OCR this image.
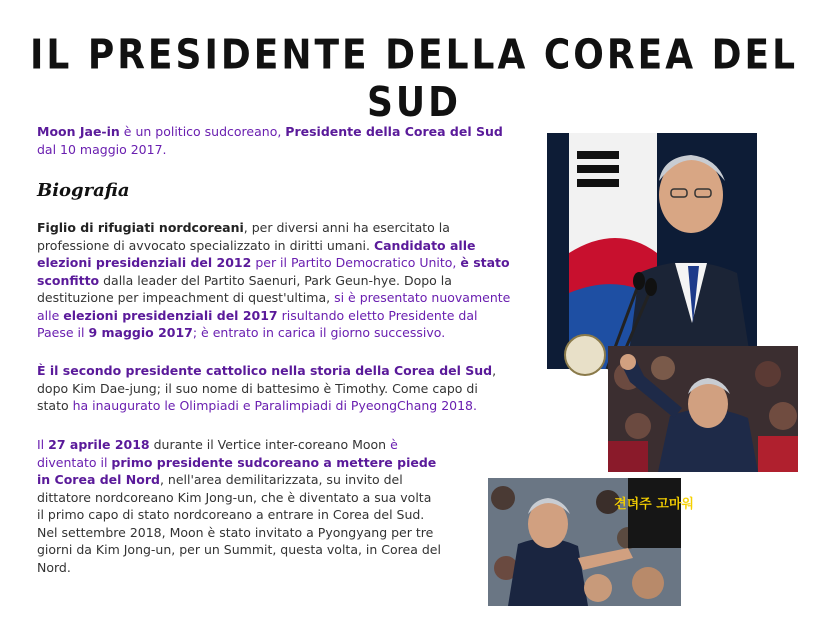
IL PRESIDENTE DELLA COREA DEL SUD

Moon Jae-in è un politico sudcoreano, Presidente della Corea del Sud dal 10 maggio 2017.

Biografia

Figlio di rifugiati nordcoreani, per diversi anni ha esercitato la professione di avvocato specializzato in diritti umani. Candidato alle elezioni presidenziali del 2012 per il Partito Democratico Unito, è stato sconfitto dalla leader del Partito Saenuri, Park Geun-hye. Dopo la destituzione per impeachment di quest'ultima, si è presentato nuovamente alle elezioni presidenziali del 2017 risultando eletto Presidente dal Paese il 9 maggio 2017; è entrato in carica il giorno successivo.

È il secondo presidente cattolico nella storia della Corea del Sud, dopo Kim Dae-jung; il suo nome di battesimo è Timothy. Come capo di stato ha inaugurato le Olimpiadi e Paralimpiadi di PyeongChang 2018.

Il 27 aprile 2018 durante il Vertice inter-coreano Moon è diventato il primo presidente sudcoreano a mettere piede in Corea del Nord, nell'area demilitarizzata, su invito del dittatore nordcoreano Kim Jong-un, che è diventato a sua volta il primo capo di stato nordcoreano a entrare in Corea del Sud. Nel settembre 2018, Moon è stato invitato a Pyongyang per tre giorni da Kim Jong-un, per un Summit, questa volta, in Corea del Nord.

견뎌주 고마워
